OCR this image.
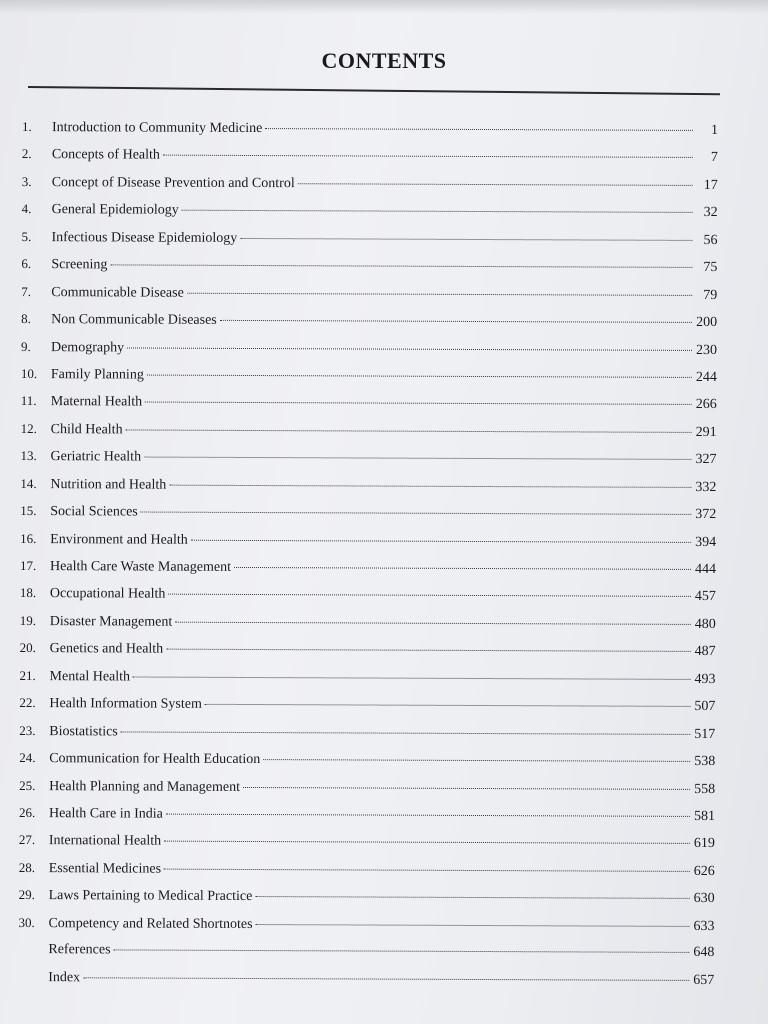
CONTENTS
1.	Introduction to Community Medicine	1
2.	Concepts of Health	7
3.	Concept of Disease Prevention and Control	17
4.	General Epidemiology	32
5.	Infectious Disease Epidemiology	56
6.	Screening	75
7.	Communicable Disease	79
8.	Non Communicable Diseases	200
9.	Demography	230
10. Family Planning	244
11.	Maternal Health	266
12. Child Health	291
13. Geriatric Health	327
14. Nutrition and Health	332
15. Social Sciences	372
16. Environment and Health	394
17. Health Care Waste Management	444
18. Occupational Health	457
19. Disaster Management	480
20. Genetics and Health	487
21. Mental Health	493
22. Health Information System	507
23. Biostatistics	517
24. Communication for Health Education	538
25. Health Planning and Management	558
26. Health Care in India	581
27. International Health	619
28. Essential Medicines	626
29. Laws Pertaining to Medical Practice	630
30. Competency and Related Shortnotes	633
References	648
Index	657
